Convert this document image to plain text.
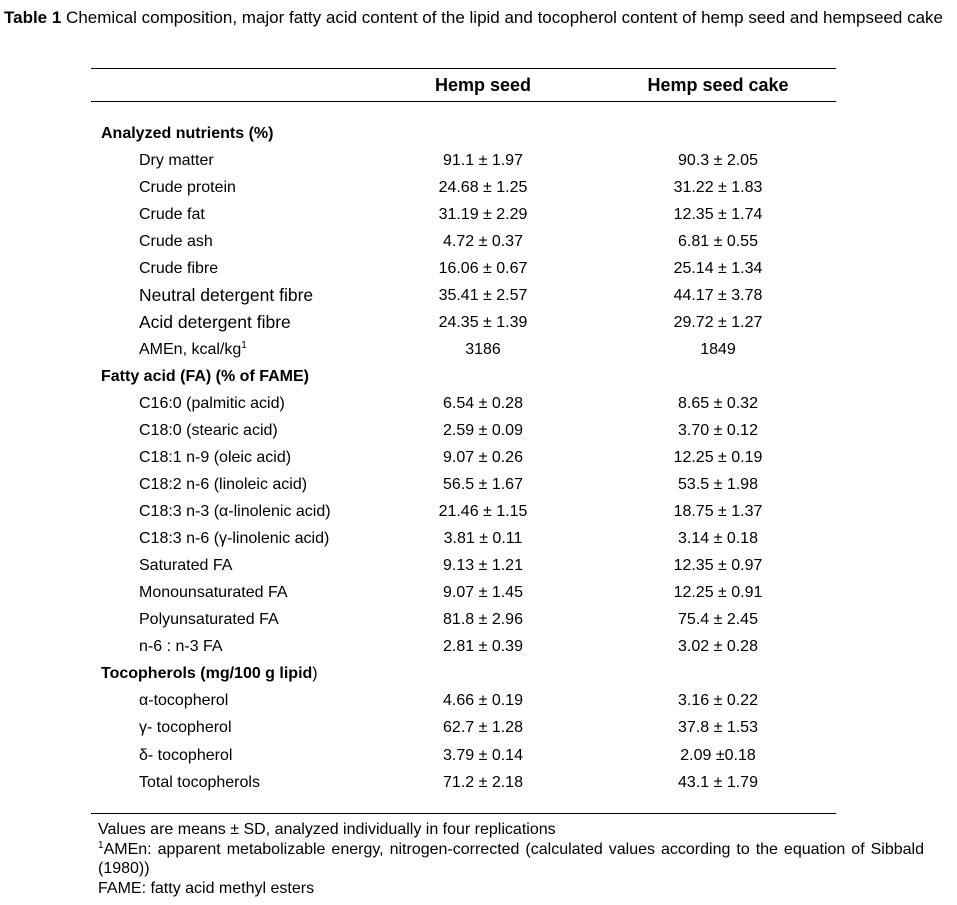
Table 1 Chemical composition, major fatty acid content of the lipid and tocopherol content of hemp seed and hempseed cake
Hemp seed	Hemp seed cake
Analyzed nutrients (%)
Dry matter	91.1 ± 1.97	90.3 ± 2.05
Crude protein	24.68 ± 1.25	31.22 ± 1.83
Crude fat	31.19 ± 2.29	12.35 ± 1.74
Crude ash	4.72 ± 0.37	6.81 ± 0.55
Crude fibre	16.06 ± 0.67	25.14 ± 1.34
Neutral detergent fibre	35.41 ± 2.57	44.17 ± 3.78
Acid detergent fibre	24.35 ± 1.39	29.72 ± 1.27
AMEn, kcal/$kg^1$	3186	1849
Fatty acid (FA) (% of FAME)
C16:0 (palmitic acid)	6.54 ± 0.28	8.65 ± 0.32
C18:0 (stearic acid)	2.59 ± 0.09	3.70 ± 0.12
C18:1 n-9 (oleic acid)	9.07 ± 0.26	12.25 ± 0.19
C18:2 n-6 (linoleic acid)	56.5 ± 1.67	53.5 ± 1.98
C18:3 n-3 (α-linolenic acid)	21.46 ± 1.15	18.75 ± 1.37
C18:3 n-6 (γ-linolenic acid)	3.81 ± 0.11	3.14 ± 0.18
Saturated FA	9.13 ± 1.21	12.35 ± 0.97
Monounsaturated FA	9.07 ± 1.45	12.25 ± 0.91
Polyunsaturated FA	81.8 ± 2.96	75.4 ± 2.45
n-6 : n-3 FA	2.81 ± 0.39	3.02 ± 0.28
Tocopherols (mg/100 g lipid)
α-tocopherol	4.66 ± 0.19	3.16 ± 0.22
γ- tocopherol	62.7 ± 1.28	37.8 ± 1.53
δ- tocopherol	3.79 ± 0.14	2.09 ±0.18
Total tocopherols	71.2 ± 2.18	43.1 ± 1.79
Values are means ± SD, analyzed individually in four replications
$^1$AMEn: apparent metabolizable energy, nitrogen-corrected (calculated values according to the equation of Sibbald (1980))
FAME: fatty acid methyl esters
